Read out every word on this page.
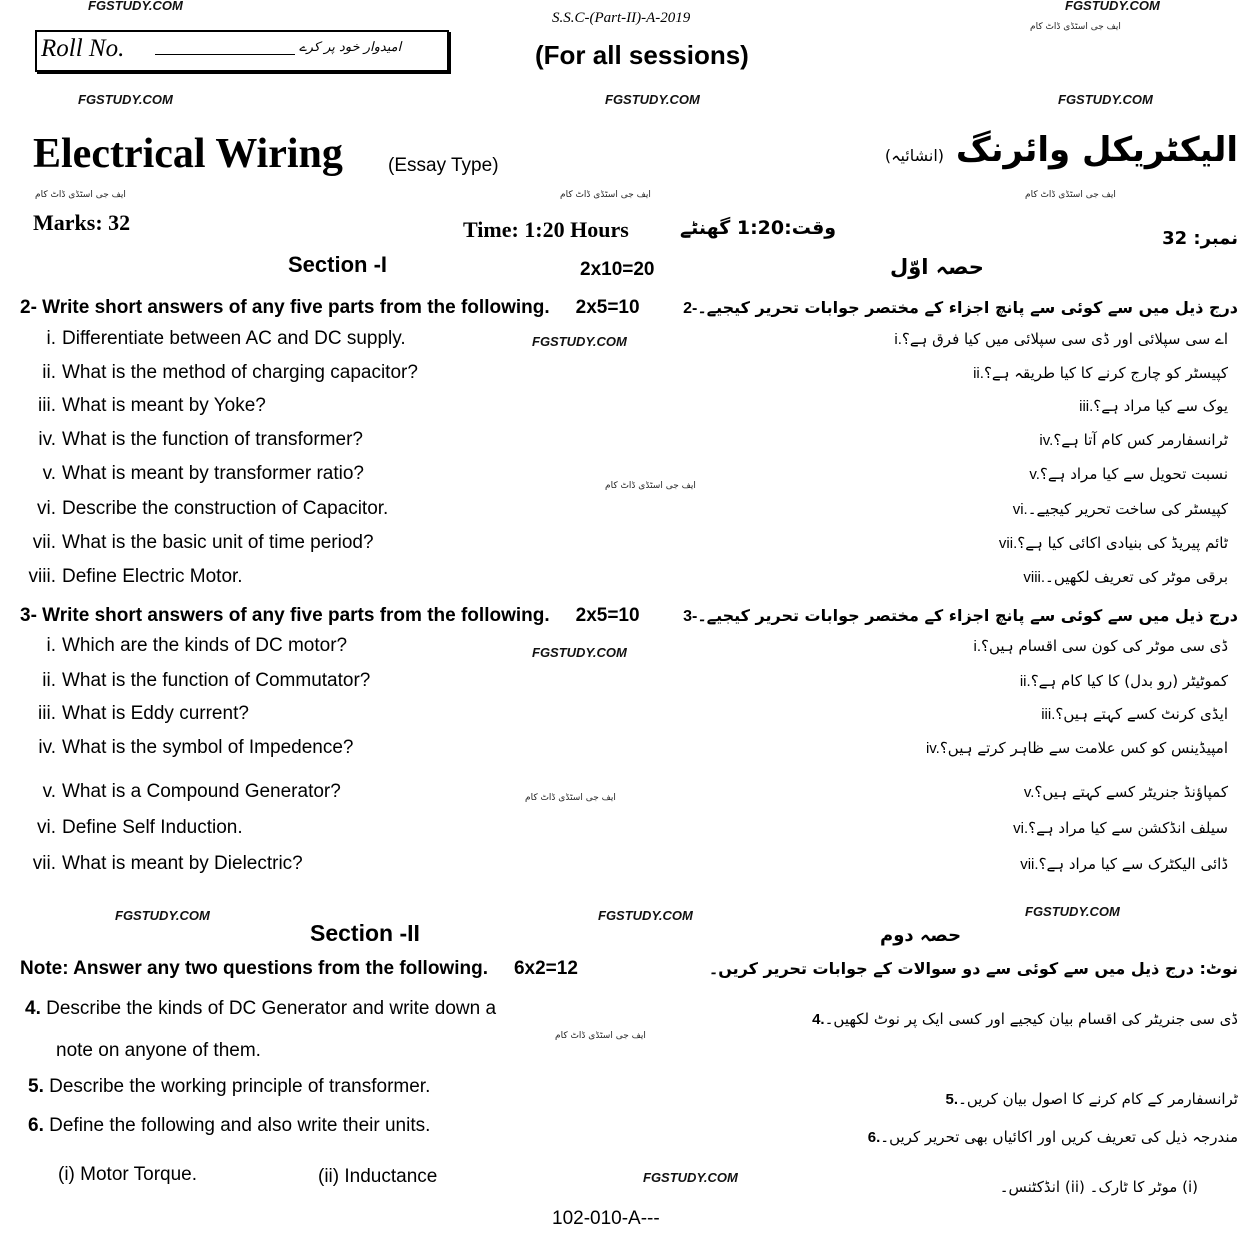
FGSTUDY.COM	FGSTUDY.COM
FGSTUDY.COM	FGSTUDY.COM	FGSTUDY.COM
FGSTUDY.COM
FGSTUDY.COM
FGSTUDY.COM	FGSTUDY.COM	FGSTUDY.COM
FGSTUDY.COM
ایف جی اسٹڈی ڈاٹ کام
ایف جی اسٹڈی ڈاٹ کام	ایف جی اسٹڈی ڈاٹ کام	ایف جی اسٹڈی ڈاٹ کام
ایف جی اسٹڈی ڈاٹ کام
ایف جی اسٹڈی ڈاٹ کام
ایف جی اسٹڈی ڈاٹ کام
S.S.C-(Part-II)-A-2019
(For all sessions)
Roll No.	امیدوار خود پر کرے
Electrical Wiring (Essay Type)	الیکٹریکل وائرنگ (انشائیہ)
Marks: 32	Time: 1:20 Hours	وقت:1:20 گھنٹے	نمبر: 32
Section -I	2x10=20	حصہ اوّل
2- Write short answers of any five parts from the following. 2x5=10	درج ذیل میں سے کوئی سے پانچ اجزاء کے مختصر جوابات تحریر کیجیے۔2-
i. Differentiate between AC and DC supply.	اے سی سپلائی اور ڈی سی سپلائی میں کیا فرق ہے؟i.
ii. What is the method of charging capacitor?	کپیسٹر کو چارج کرنے کا کیا طریقہ ہے؟ii.
iii. What is meant by Yoke?	یوک سے کیا مراد ہے؟iii.
iv. What is the function of transformer?	ٹرانسفارمر کس کام آتا ہے؟iv.
v. What is meant by transformer ratio?	نسبت تحویل سے کیا مراد ہے؟v.
vi. Describe the construction of Capacitor.	کپیسٹر کی ساخت تحریر کیجیے۔vi.
vii. What is the basic unit of time period?	ٹائم پیریڈ کی بنیادی اکائی کیا ہے؟vii.
viii. Define Electric Motor.	برقی موٹر کی تعریف لکھیں۔viii.
3- Write short answers of any five parts from the following. 2x5=10	درج ذیل میں سے کوئی سے پانچ اجزاء کے مختصر جوابات تحریر کیجیے۔3-
i. Which are the kinds of DC motor?	ڈی سی موٹر کی کون سی اقسام ہیں؟i.
ii. What is the function of Commutator?	کموٹیٹر (رو بدل) کا کیا کام ہے؟ii.
iii. What is Eddy current?	ایڈی کرنٹ کسے کہتے ہیں؟iii.
iv. What is the symbol of Impedence?	امپیڈینس کو کس علامت سے ظاہر کرتے ہیں؟iv.
v. What is a Compound Generator?	کمپاؤنڈ جنریٹر کسے کہتے ہیں؟v.
vi. Define Self Induction.	سیلف انڈکشن سے کیا مراد ہے؟vi.
vii. What is meant by Dielectric?	ڈائی الیکٹرک سے کیا مراد ہے؟vii.
Section -II	حصہ دوم
Note: Answer any two questions from the following. 6x2=12	نوٹ: درج ذیل میں سے کوئی سے دو سوالات کے جوابات تحریر کریں۔
4. Describe the kinds of DC Generator and write down a
note on anyone of them.
ڈی سی جنریٹر کی اقسام بیان کیجیے اور کسی ایک پر نوٹ لکھیں۔4.
5. Describe the working principle of transformer.
ٹرانسفارمر کے کام کرنے کا اصول بیان کریں۔5.
6. Define the following and also write their units.
مندرجہ ذیل کی تعریف کریں اور اکائیاں بھی تحریر کریں۔6.
(i) Motor Torque.	(ii) Inductance	(i) موٹر کا ٹارک۔ (ii) انڈکٹنس۔
102-010-A---
